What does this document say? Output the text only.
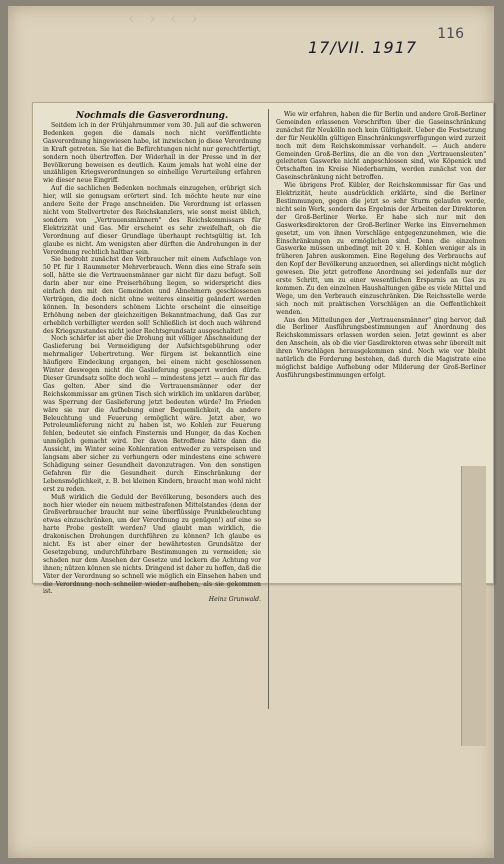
‹ › ‹ ›
17/VII. 1917
116

Nochmals die Gasverordnung.

Seitdem ich in der Frühjahrnummer vom 30. Juli auf die schweren Bedenken gegen die damals noch nicht veröffentlichte Gasverordnung hingewiesen habe, ist inzwischen jo diese Verordnung in Kraft getreten. Sie hat die Befürchtungen nicht nur gerechtfertigt, sondern noch übertroffen. Der Widerhall in der Presse und in der Bevölkerung beweisen es deutlich. Kaum jemals hat wohl eine der unzähligen Kriegsverordnungen so einhellige Verurteilung erfahren wie dieser neue Eingriff.

Auf die sachlichen Bedenken nochmals einzugehen, erübrigt sich hier, will sie genugsam erörtert sind. Ich möchte heute nur eine andere Seite der Frage anschneiden. Die Verordnung ist erlassen nicht vom Stellvertreter des Reichskanzlers, wie sonst meist üblich, sondern von „Vertrauensmännern" des Reichskommissars für Elektrizität und Gas. Mir erscheint es sehr zweifelhaft, ob die Verordnung auf dieser Grundlage überhaupt rechtsgültig ist. Ich glaube es nicht. Am wenigsten aber dürften die Androhungen in der Verordnung rechtlich haltbar sein.

Sie bedroht zunächst den Verbraucher mit einem Aufschlage von 50 Pf. für 1 Raummeter Mehrverbrauch. Wenn dies eine Strafe sein soll, hätte sie die Vertrauensmänner gar nicht für dazu befugt. Soll darin aber nur eine Preiserhöhung liegen, so widerspricht dies einfach den mit den Gemeinden und Abnehmern geschlossenen Verträgen, die doch nicht ohne weiteres einseitig geändert werden können. In besonders schönem Lichte erscheint die einseitige Erhöhung neben der gleichzeitigen Bekanntmachung, daß Gas zur erheblich verbilligter werden soll! Schließlich ist doch auch während des Kriegszustandes nicht jeder Rechtsgrundsatz ausgeschaltet!

Noch schärfer ist aber die Drohung mit völliger Abschneidung der Gaslieferung bei Vermeidigung der Aufsichtsgebührung oder mehrmaliger Uebertretung. Wer fürgem ist bekanntlich eine häufigere Eindeckung ergangen, bei einem nicht geschlossenen Winter deswegen nicht die Gaslieferung gesperrt werden dürfe. Dieser Grundsatz sollte doch wohl — mindestens jetzt — auch für das Gas gelten. Aber sind die Vertrauensmänner oder der Reichskommissar am grünen Tisch sich wirklich im unklaren darüber, was Sperrung der Gaslieferung jetzt bedeuten würde? Im Frieden wäre sie nur die Aufhebung einer Bequemlichkeit, da andere Beleuchtung und Feuerung ermöglicht wäre. Jetzt aber, wo Petroleumlieferung nicht zu haben ist, wo Kohlen zur Feuerung fehlen, bedeutet sie einfach Finsternis und Hunger, da das Kochen unmöglich gemacht wird. Der davon Betroffene hätte dann die Aussicht, im Winter seine Kohlenration entweder zu verspeisen und langsam aber sicher zu verhungern oder mindestens eine schwere Schädigung seiner Gesundheit davonzutragen. Von den sonstigen Gefahren für die Gesundheit durch Einschränkung der Lebensmöglichkeit, z. B. bei kleinen Kindern, braucht man wohl nicht erst zu reden.

Muß wirklich die Geduld der Bevölkerung, besonders auch des noch hier wieder ein neuem mitbestrafenen Mittelstandes (denn der Großverbraucher braucht nur seine überflüssige Prunkbeleuchtung etwas einzuschränken, um der Verordnung zu genügen!) auf eine so harte Probe gestellt werden? Und glaubt man wirklich, die drakonischen Drohungen durchführen zu können? Ich glaube es nicht. Es ist aber einer der bewährtesten Grundsätze der Gesetzgebung, undurchführbare Bestimmungen zu vermeiden; sie schaden nur dem Ansehen der Gesetze und lockern die Achtung vor ihnen; nützen können sie nichts. Dringend ist daher zu hoffen, daß die Väter der Verordnung so schnell wie möglich ein Einsehen haben und die Verordnung noch schneller wieder aufheben, als sie gekommen ist.

Heinz Grunwald.

Wie wir erfahren, haben die für Berlin und andere Groß-Berliner Gemeinden erlassenen Vorschriften über die Gaseinschränkung zunächst für Neukölln noch kein Gültigkeit. Ueber die Festsetzung der für Neukölln gültigen Einschränkungsverfügungen wird zurzeit noch mit dem Reichskommissar verhandelt. — Auch andere Gemeinden Groß-Berlins, die an die von den „Vertrauensleuten" geleiteten Gaswerke nicht angeschlossen sind, wie Köpenick und Ortschaften im Kreise Niederbarnim, werden zunächst von der Gaseinschränkung nicht betroffen.

Wie übrigens Prof. Kübler, der Reichskommissar für Gas und Elektrizität, heute ausdrücklich erklärte, sind die Berliner Bestimmungen, gegen die jetzt so sehr Sturm gelaufen werde, nicht sein Werk, sondern das Ergebnis der Arbeiten der Direktoren der Groß-Berliner Werke. Er habe sich nur mit den Gaswerksdirektoren der Groß-Berliner Werke ins Einvernehmen gesetzt, um von ihnen Vorschläge entgegenzunehmen, wie die Einschränkungen zu ermöglichen sind. Denn die einzelnen Gaswerke müssen unbedingt mit 20 v. H. Kohlen weniger als in früheren Jahren auskommen. Eine Regelung des Verbrauchs auf den Kopf der Bevölkerung anzuordnen, sei allerdings nicht möglich gewesen. Die jetzt getroffene Anordnung sei jedenfalls nur der erste Schritt, um zu einer wesentlichen Ersparnis an Gas zu kommen. Zu den einzelnen Haushaltungen gäbe es viele Mittel und Wege, um den Verbrauch einzuschränken. Die Reichsstelle werde sich noch mit praktischen Vorschlägen an die Oeffentlichkeit wenden.

Aus den Mitteilungen der „Vertrauensmänner" ging hervor, daß die Berliner Ausführungsbestimmungen auf Anordnung des Reichskommissars erlassen worden seien. Jetzt gewinnt es aber den Anschein, als ob die vier Gasdirektoren etwas sehr übereilt mit ihren Vorschlägen herausgekommen sind. Noch wie vor bleibt natürlich die Forderung bestehen, daß durch die Magistrate eine möglichst baldige Aufhebung oder Milderung der Groß-Berliner Ausführungsbestimmungen erfolgt.
